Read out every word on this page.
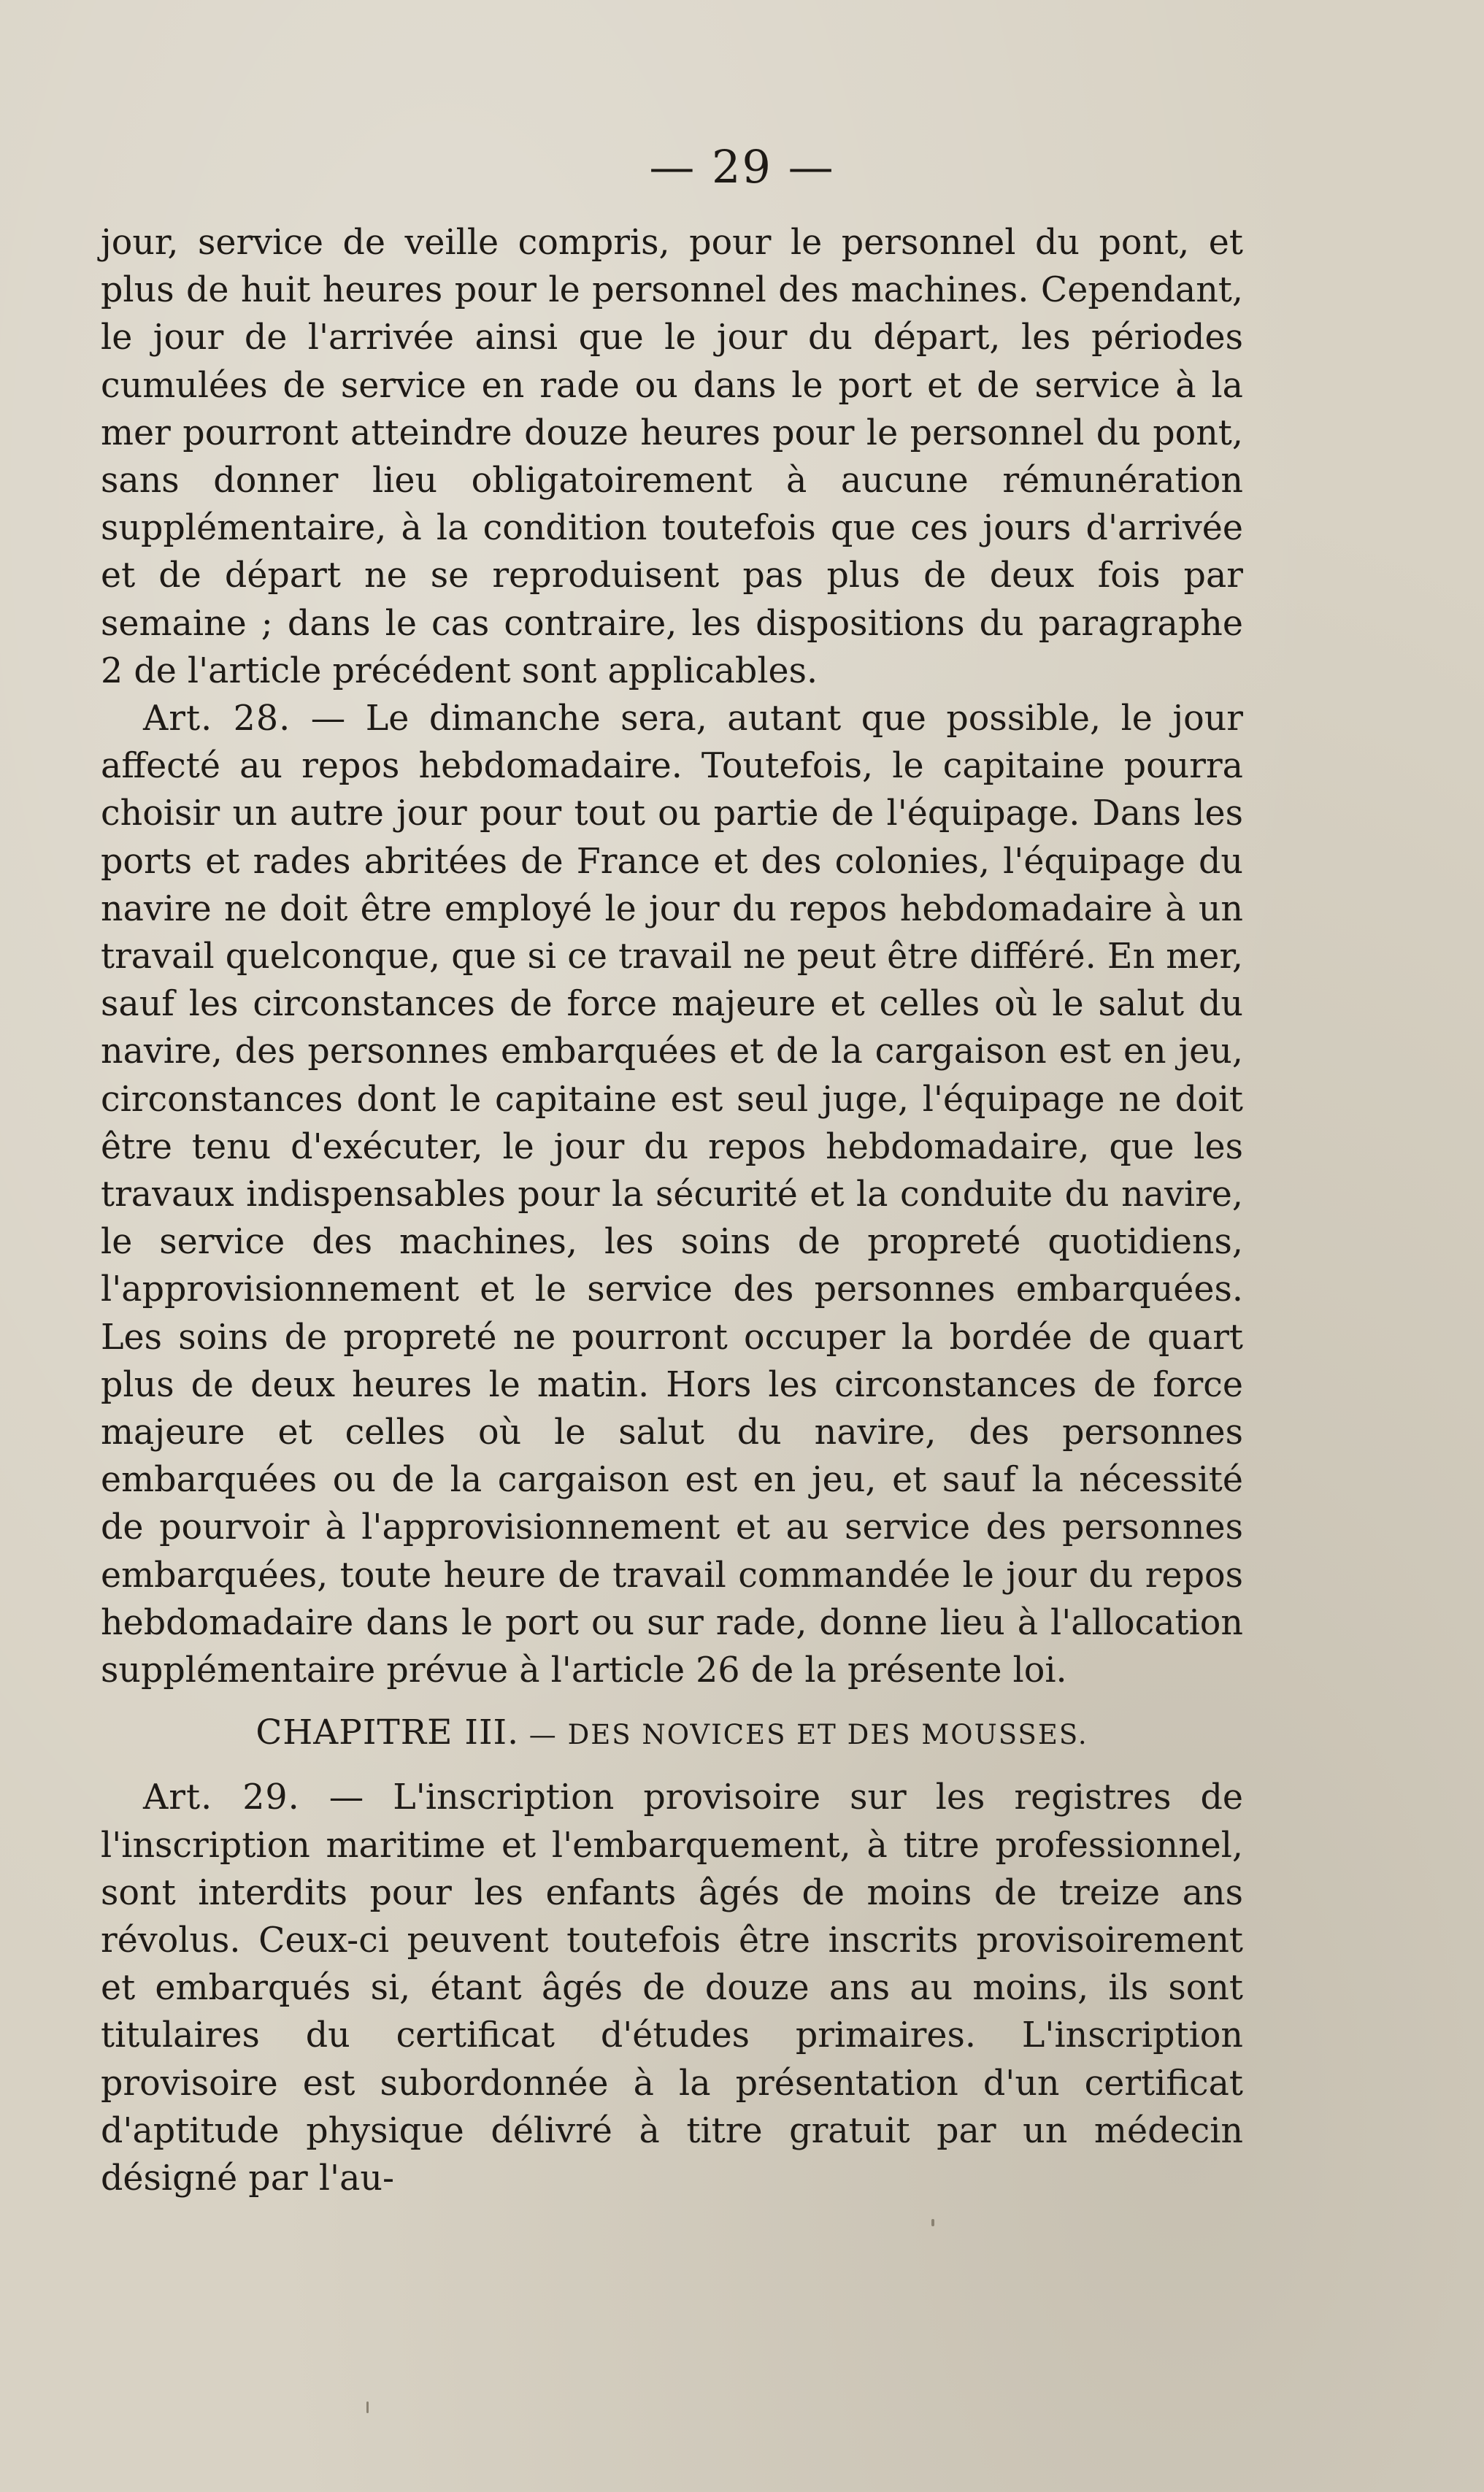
— 29 —

jour, service de veille compris, pour le personnel du pont, et plus de huit heures pour le personnel des machines. Cependant, le jour de l'arrivée ainsi que le jour du départ, les périodes cumulées de service en rade ou dans le port et de service à la mer pourront atteindre douze heures pour le personnel du pont, sans donner lieu obligatoirement à aucune rémunération supplémentaire, à la condition toutefois que ces jours d'arrivée et de départ ne se reproduisent pas plus de deux fois par semaine ; dans le cas contraire, les dispositions du paragraphe 2 de l'article précédent sont applicables.

Art. 28. — Le dimanche sera, autant que possible, le jour affecté au repos hebdomadaire. Toutefois, le capitaine pourra choisir un autre jour pour tout ou partie de l'équipage. Dans les ports et rades abritées de France et des colonies, l'équipage du navire ne doit être employé le jour du repos hebdomadaire à un travail quelconque, que si ce travail ne peut être différé. En mer, sauf les circonstances de force majeure et celles où le salut du navire, des personnes embarquées et de la cargaison est en jeu, circonstances dont le capitaine est seul juge, l'équipage ne doit être tenu d'exécuter, le jour du repos hebdomadaire, que les travaux indispensables pour la sécurité et la conduite du navire, le service des machines, les soins de propreté quotidiens, l'approvisionnement et le service des personnes embarquées. Les soins de propreté ne pourront occuper la bordée de quart plus de deux heures le matin. Hors les circonstances de force majeure et celles où le salut du navire, des personnes embarquées ou de la cargaison est en jeu, et sauf la nécessité de pourvoir à l'approvisionnement et au service des personnes embarquées, toute heure de travail commandée le jour du repos hebdomadaire dans le port ou sur rade, donne lieu à l'allocation supplémentaire prévue à l'article 26 de la présente loi.

CHAPITRE III. — DES NOVICES ET DES MOUSSES.

Art. 29. — L'inscription provisoire sur les registres de l'inscription maritime et l'embarquement, à titre professionnel, sont interdits pour les enfants âgés de moins de treize ans révolus. Ceux-ci peuvent toutefois être inscrits provisoirement et embarqués si, étant âgés de douze ans au moins, ils sont titulaires du certificat d'études primaires. L'inscription provisoire est subordonnée à la présentation d'un certificat d'aptitude physique délivré à titre gratuit par un médecin désigné par l'au-
